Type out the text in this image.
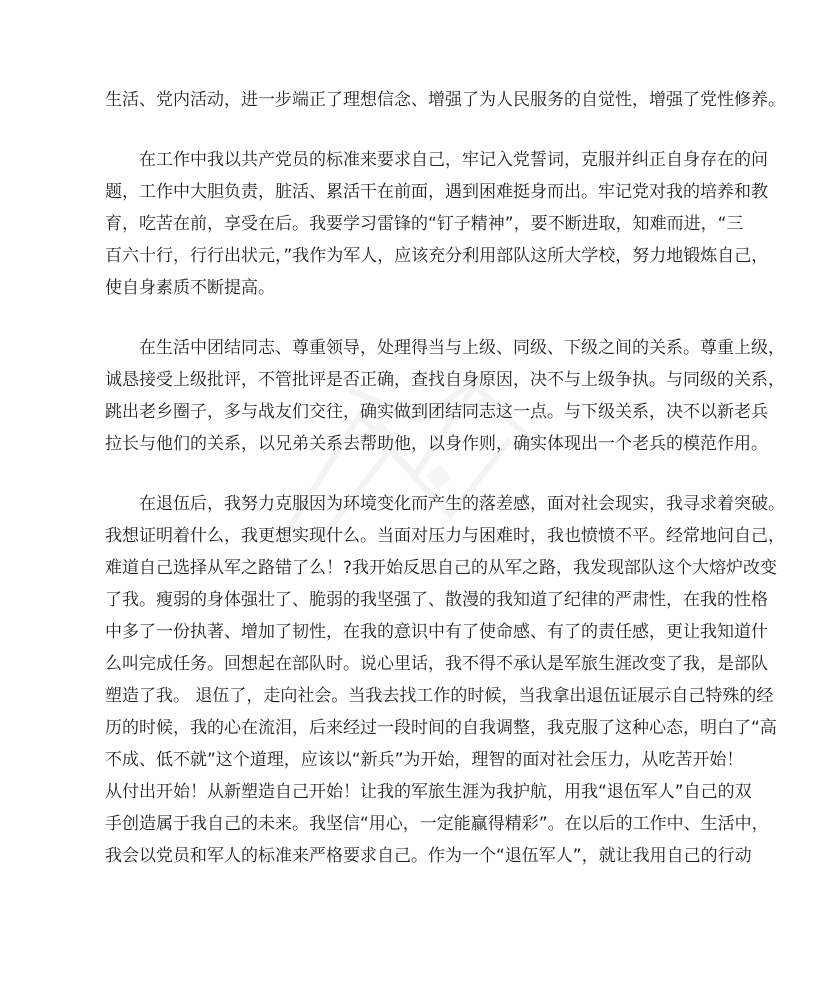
生活、党内活动，进一步端正了理想信念、增强了为人民服务的自觉性，增强了党性修养。
在工作中我以共产党员的标准来要求自己，牢记入党誓词，克服并纠正自身存在的问
题，工作中大胆负责，脏活、累活干在前面，遇到困难挺身而出。牢记党对我的培养和教
育，吃苦在前，享受在后。我要学习雷锋的“钉子精神”，要不断进取，知难而进，“三
百六十行，行行出状元，”我作为军人，应该充分利用部队这所大学校，努力地锻炼自己，
使自身素质不断提高。
在生活中团结同志、尊重领导，处理得当与上级、同级、下级之间的关系。尊重上级，
诚恳接受上级批评，不管批评是否正确，查找自身原因，决不与上级争执。与同级的关系，
跳出老乡圈子，多与战友们交往，确实做到团结同志这一点。与下级关系，决不以新老兵
拉长与他们的关系，以兄弟关系去帮助他，以身作则，确实体现出一个老兵的模范作用。
在退伍后，我努力克服因为环境变化而产生的落差感，面对社会现实，我寻求着突破。
我想证明着什么，我更想实现什么。当面对压力与困难时，我也愤愤不平。经常地问自己，
难道自己选择从军之路错了么！?我开始反思自己的从军之路，我发现部队这个大熔炉改变
了我。瘦弱的身体强壮了、脆弱的我坚强了、散漫的我知道了纪律的严肃性，在我的性格
中多了一份执著、增加了韧性，在我的意识中有了使命感、有了的责任感，更让我知道什
么叫完成任务。回想起在部队时。说心里话，我不得不承认是军旅生涯改变了我，是部队
塑造了我。 退伍了，走向社会。当我去找工作的时候，当我拿出退伍证展示自己特殊的经
历的时候，我的心在流泪，后来经过一段时间的自我调整，我克服了这种心态，明白了“高
不成、低不就”这个道理，应该以“新兵”为开始，理智的面对社会压力，从吃苦开始！
从付出开始！从新塑造自己开始！让我的军旅生涯为我护航，用我“退伍军人”自己的双
手创造属于我自己的未来。我坚信“用心，一定能赢得精彩”。在以后的工作中、生活中，
我会以党员和军人的标准来严格要求自己。作为一个“退伍军人”，就让我用自己的行动
